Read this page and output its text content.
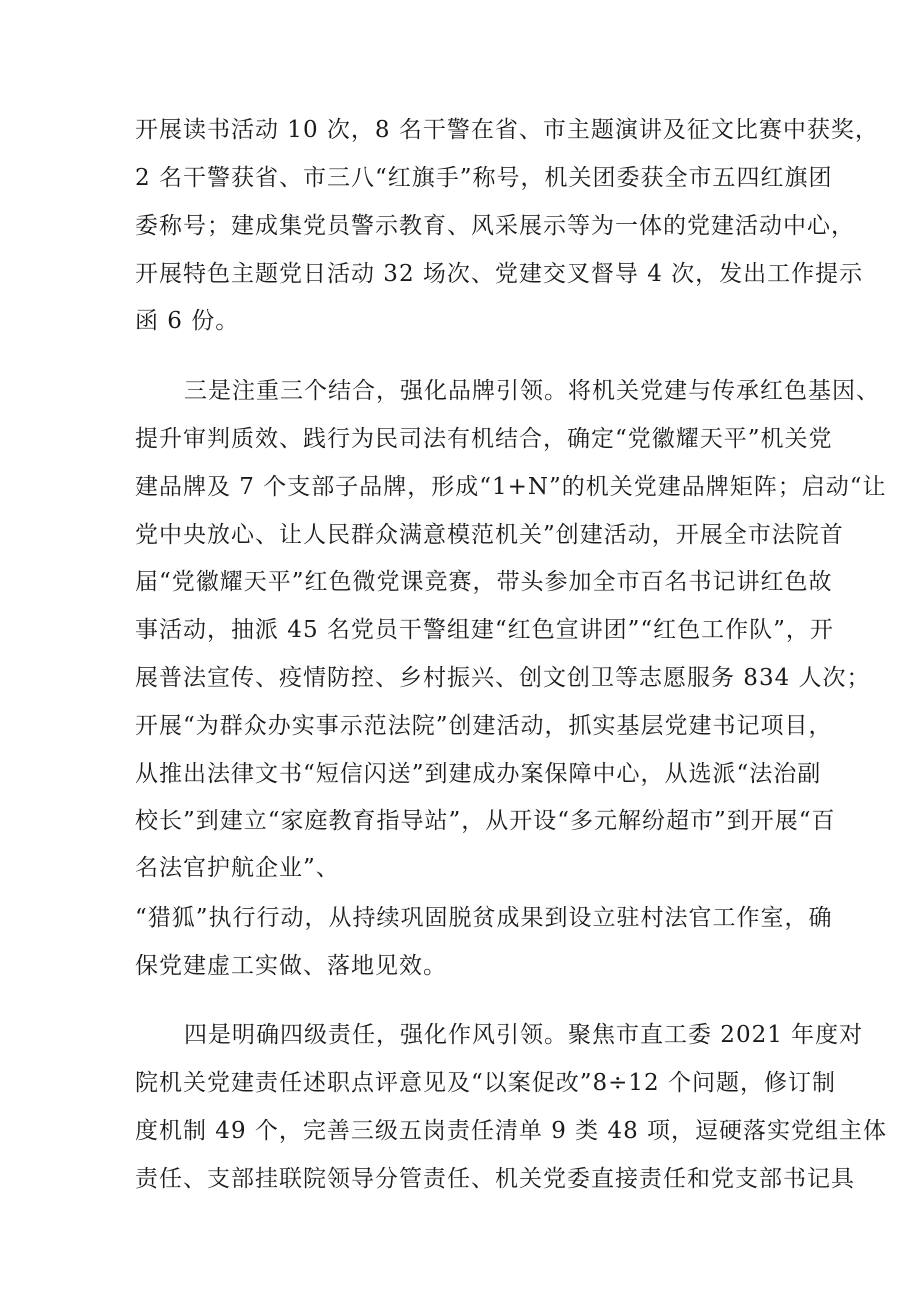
开展读书活动 10 次，8 名干警在省、市主题演讲及征文比赛中获奖，
2 名干警获省、市三八“红旗手”称号，机关团委获全市五四红旗团
委称号；建成集党员警示教育、风采展示等为一体的党建活动中心，
开展特色主题党日活动 32 场次、党建交叉督导 4 次，发出工作提示
函 6 份。
三是注重三个结合，强化品牌引领。将机关党建与传承红色基因、
提升审判质效、践行为民司法有机结合，确定“党徽耀天平”机关党
建品牌及 7 个支部子品牌，形成“1+N”的机关党建品牌矩阵；启动“让
党中央放心、让人民群众满意模范机关”创建活动，开展全市法院首
届“党徽耀天平”红色微党课竞赛，带头参加全市百名书记讲红色故
事活动，抽派 45 名党员干警组建“红色宣讲团”“红色工作队”，开
展普法宣传、疫情防控、乡村振兴、创文创卫等志愿服务 834 人次；
开展“为群众办实事示范法院”创建活动，抓实基层党建书记项目，
从推出法律文书“短信闪送”到建成办案保障中心，从选派“法治副
校长”到建立“家庭教育指导站”，从开设“多元解纷超市”到开展“百
名法官护航企业”、
“猎狐”执行行动，从持续巩固脱贫成果到设立驻村法官工作室，确
保党建虚工实做、落地见效。
四是明确四级责任，强化作风引领。聚焦市直工委 2021 年度对
院机关党建责任述职点评意见及“以案促改”8÷12 个问题，修订制
度机制 49 个，完善三级五岗责任清单 9 类 48 项，逗硬落实党组主体
责任、支部挂联院领导分管责任、机关党委直接责任和党支部书记具
